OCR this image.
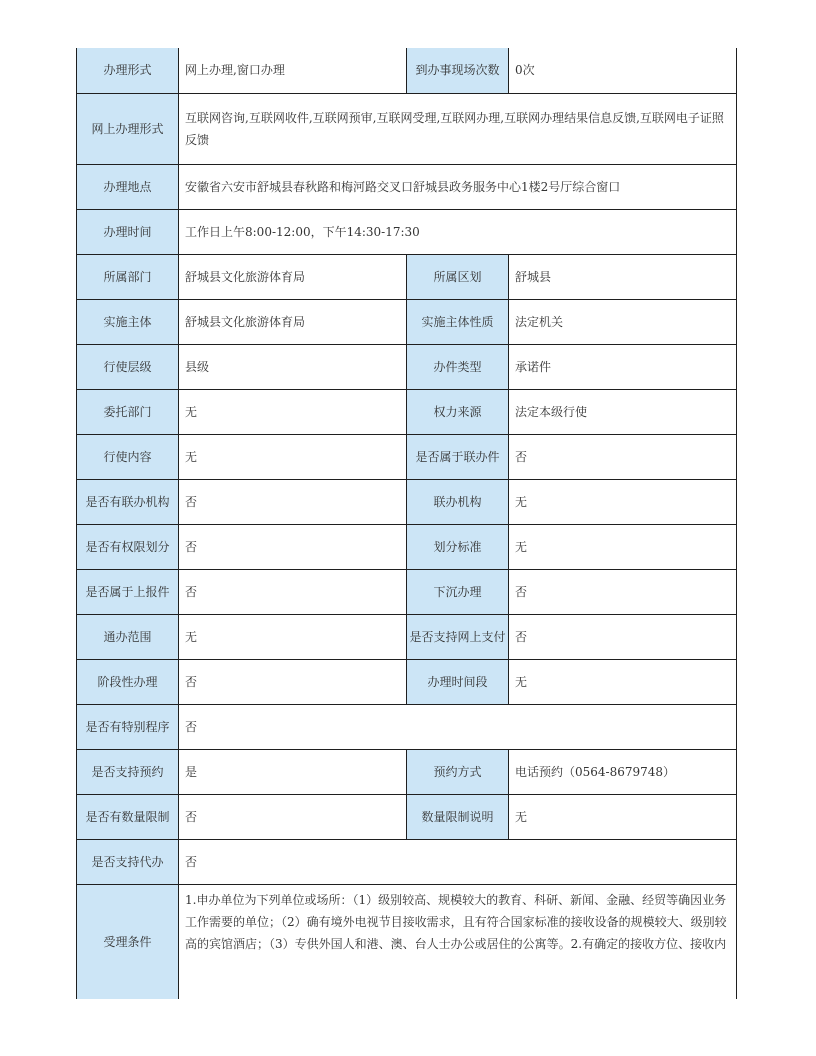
办理形式	网上办理,窗口办理	到办事现场次数	0次
网上办理形式	互联网咨询,互联网收件,互联网预审,互联网受理,互联网办理,互联网办理结果信息反馈,互联网电子证照反馈		
办理地点	安徽省六安市舒城县春秋路和梅河路交叉口舒城县政务服务中心1楼2号厅综合窗口		
办理时间	工作日上午8:00-12:00，下午14:30-17:30		
所属部门	舒城县文化旅游体育局	所属区划	舒城县
实施主体	舒城县文化旅游体育局	实施主体性质	法定机关
行使层级	县级	办件类型	承诺件
委托部门	无	权力来源	法定本级行使
行使内容	无	是否属于联办件	否
是否有联办机构	否	联办机构	无
是否有权限划分	否	划分标准	无
是否属于上报件	否	下沉办理	否
通办范围	无	是否支持网上支付	否
阶段性办理	否	办理时间段	无
是否有特别程序	否		
是否支持预约	是	预约方式	电话预约（0564-8679748）
是否有数量限制	否	数量限制说明	无
是否支持代办	否		
受理条件	1.申办单位为下列单位或场所：（1）级别较高、规模较大的教育、科研、新闻、金融、经贸等确因业务工作需要的单位；（2）确有境外电视节目接收需求，且有符合国家标准的接收设备的规模较大、级别较高的宾馆酒店；（3）专供外国人和港、澳、台人士办公或居住的公寓等。2.有确定的接收方位、接收内		
